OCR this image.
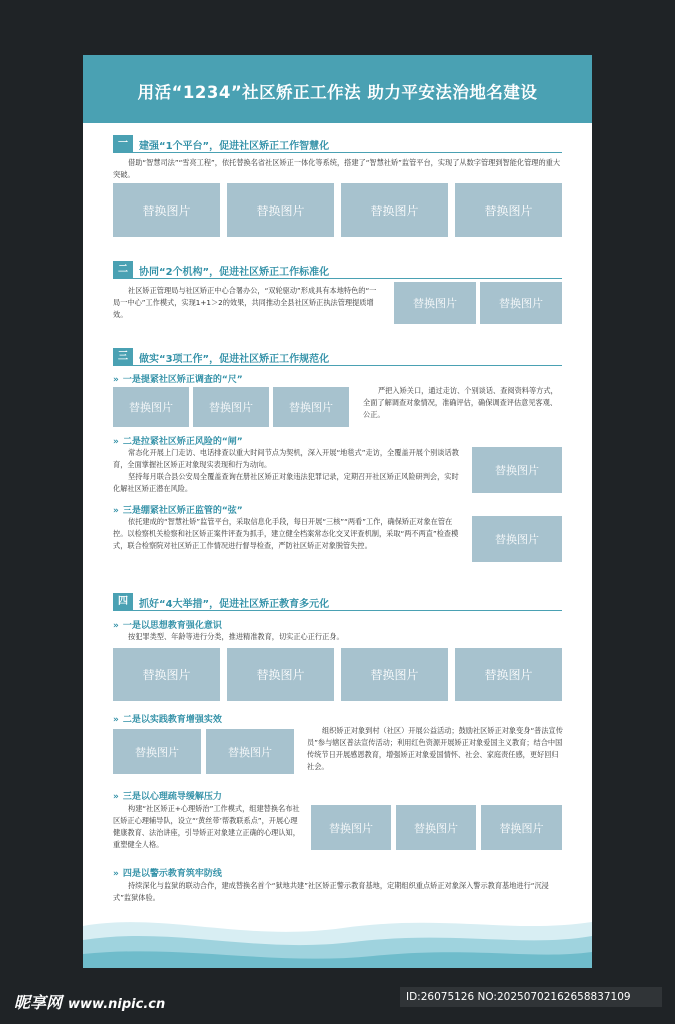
用活“1234”社区矫正工作法 助力平安法治地名建设
一	建强“1个平台”，促进社区矫正工作智慧化
借助“智慧司法”“雪亮工程”，依托替换名省社区矫正一体化等系统，搭建了“智慧社矫”监管平台，实现了从数字管理到智能化管理的重大突破。
替换图片	替换图片	替换图片	替换图片
二	协同“2个机构”，促进社区矫正工作标准化
社区矫正管理局与社区矫正中心合署办公，“双轮驱动”形成具有本地特色的“一局一中心”工作模式，实现1+1＞2的效果，共同推动全县社区矫正执法管理提质增效。
替换图片	替换图片
三	做实“3项工作”，促进社区矫正工作规范化
» 一是提紧社区矫正调查的“尺”
替换图片	替换图片	替换图片
严把入矫关口，通过走访、个别谈话、查阅资料等方式，全面了解调查对象情况，准确评估，确保调查评估意见客观、公正。
» 二是拉紧社区矫正风险的“闸”
常态化开展上门走访、电话排查以重大时间节点为契机，深入开展“地毯式”走访，全覆盖开展个别谈话教育，全面掌握社区矫正对象现实表现和行为动向。
坚持每月联合县公安局全覆盖查询在册社区矫正对象违法犯罪记录，定期召开社区矫正风险研判会，实时化解社区矫正潜在风险。
替换图片
» 三是绷紧社区矫正监管的“弦”
依托建成的“智慧社矫”监管平台，采取信息化手段，每日开展“三核”“两看”工作，确保矫正对象在管在控。以检察机关检察和社区矫正案件评查为抓手，建立健全档案常态化交叉评查机制，采取“两不两直”检查模式，联合检察院对社区矫正工作情况进行督导检查，严防社区矫正对象脱管失控。	替换图片
四	抓好“4大举措”，促进社区矫正教育多元化
» 一是以思想教育强化意识
按犯罪类型、年龄等进行分类，推进精准教育，切实正心正行正身。
替换图片	替换图片	替换图片	替换图片
» 二是以实践教育增强实效
替换图片	替换图片
组织矫正对象到村（社区）开展公益活动；鼓励社区矫正对象变身“普法宣传员”参与辖区普法宣传活动；利用红色资源开展矫正对象爱国主义教育；结合中国传统节日开展感恩教育，增强矫正对象爱国情怀、社会、家庭责任感，更好回归社会。
» 三是以心理疏导缓解压力
构建“社区矫正+心理矫治”工作模式，组建替换名布社区矫正心理辅导队，设立“‘黄丝带’帮教联系点”，开展心理健康教育、法治讲座，引导矫正对象建立正确的心理认知，重塑健全人格。
替换图片	替换图片	替换图片
» 四是以警示教育筑牢防线
持续深化与监狱的联动合作，建成替换名首个“狱地共建”社区矫正警示教育基地，定期组织重点矫正对象深入警示教育基地进行“沉浸式”监狱体验。
昵享网 www.nipic.cn	ID:26075126 NO:20250702162658837109
